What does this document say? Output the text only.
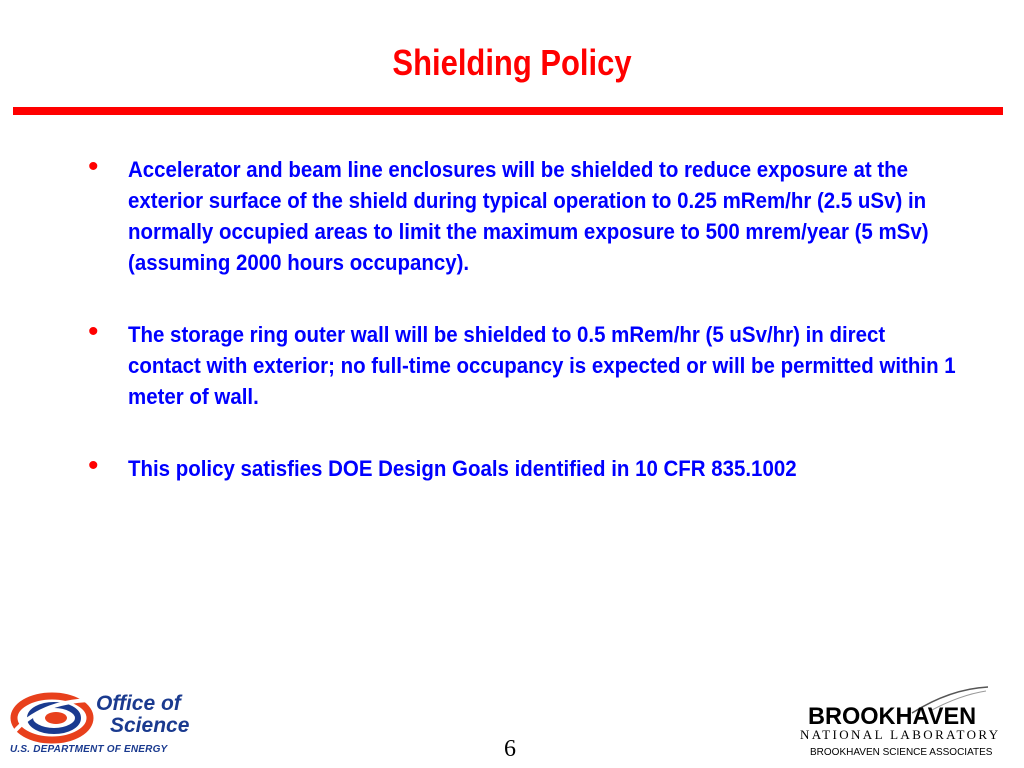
Shielding Policy
• Accelerator and beam line enclosures will be shielded to reduce exposure at the exterior surface of the shield during typical operation to 0.25 mRem/hr (2.5 uSv) in normally occupied areas to limit the maximum exposure to 500 mrem/year (5 mSv) (assuming 2000 hours occupancy).
• The storage ring outer wall will be shielded to 0.5 mRem/hr (5 uSv/hr) in direct contact with exterior; no full-time occupancy is expected or will be permitted within 1 meter of wall.
• This policy satisfies DOE Design Goals identified in 10 CFR 835.1002
Office of
Science
U.S. DEPARTMENT OF ENERGY	6
BROOKHAVEN
NATIONAL LABORATORY
BROOKHAVEN SCIENCE ASSOCIATES
